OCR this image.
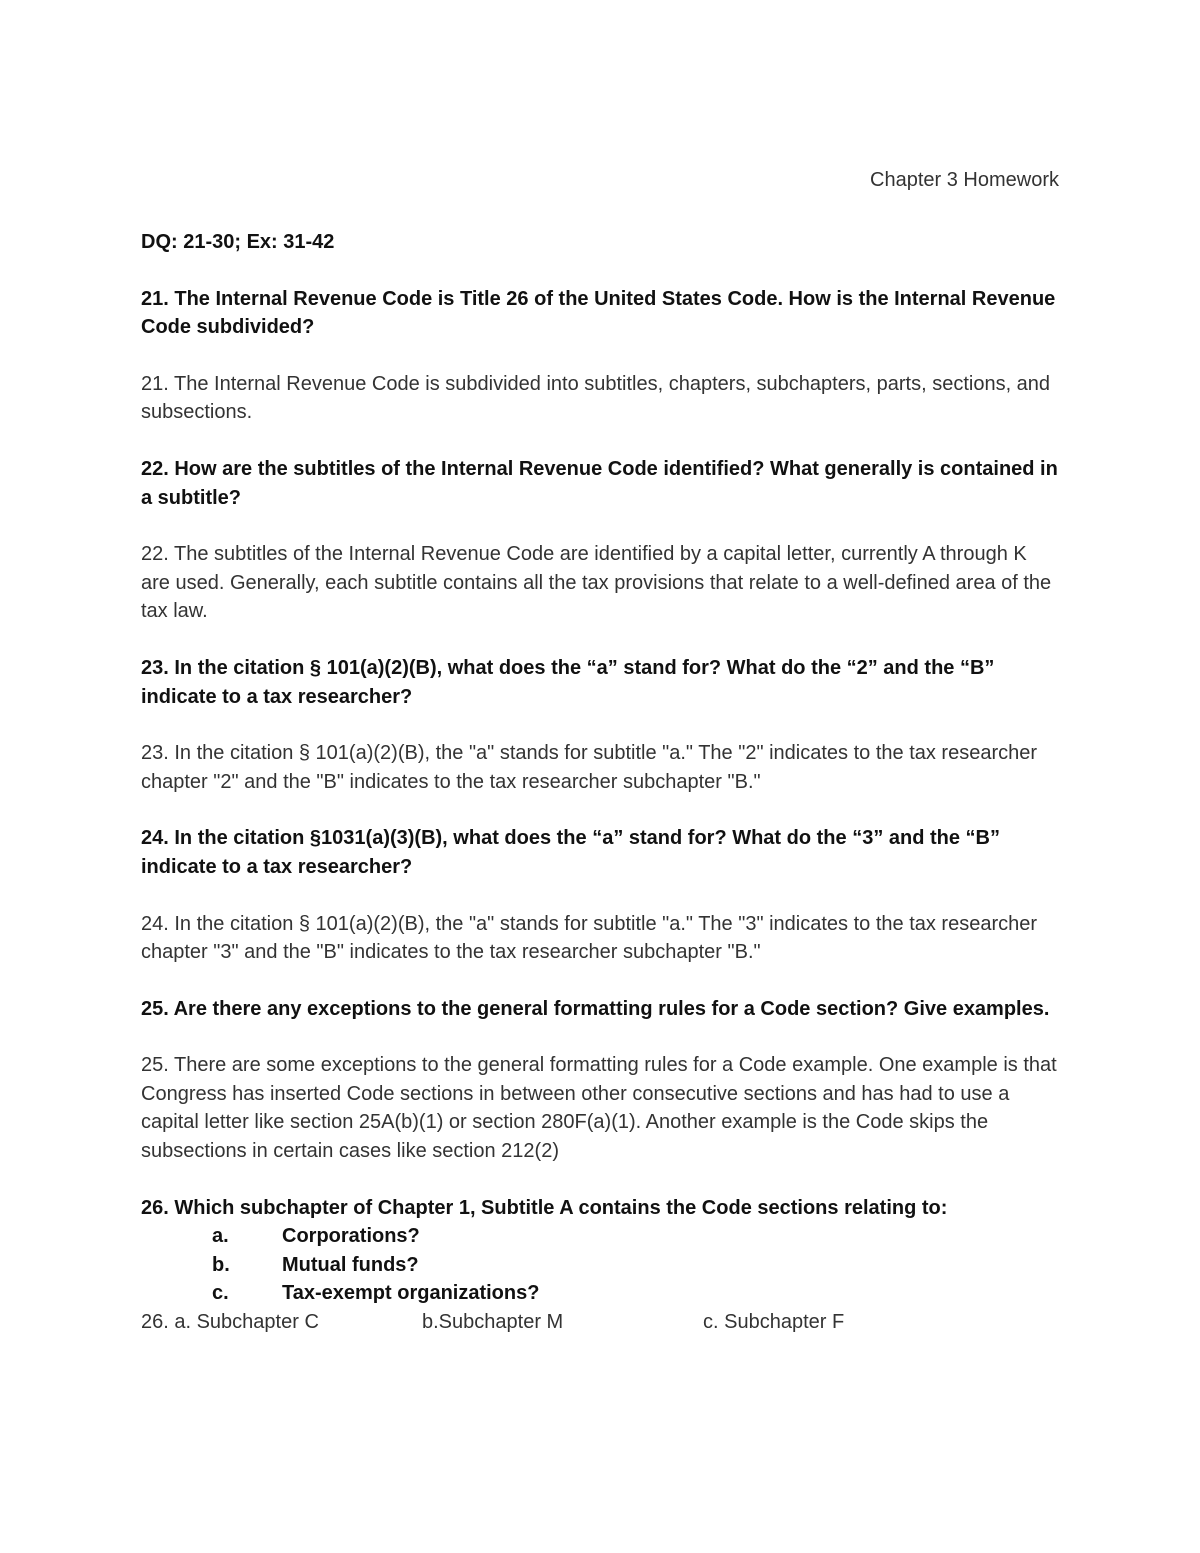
Chapter 3 Homework

DQ: 21-30; Ex: 31-42

21. The Internal Revenue Code is Title 26 of the United States Code. How is the Internal Revenue Code subdivided?

21. The Internal Revenue Code is subdivided into subtitles, chapters, subchapters, parts, sections, and subsections.

22. How are the subtitles of the Internal Revenue Code identified? What generally is contained in a subtitle?

22. The subtitles of the Internal Revenue Code are identified by a capital letter, currently A through K are used. Generally, each subtitle contains all the tax provisions that relate to a well-defined area of the tax law.

23. In the citation § 101(a)(2)(B), what does the “a” stand for? What do the “2” and the “B” indicate to a tax researcher?

23. In the citation § 101(a)(2)(B), the "a" stands for subtitle "a." The "2" indicates to the tax researcher chapter "2" and the "B" indicates to the tax researcher subchapter "B."

24. In the citation §1031(a)(3)(B), what does the “a” stand for? What do the “3” and the “B” indicate to a tax researcher?

24. In the citation § 101(a)(2)(B), the "a" stands for subtitle "a." The "3" indicates to the tax researcher chapter "3" and the "B" indicates to the tax researcher subchapter "B."

25. Are there any exceptions to the general formatting rules for a Code section? Give examples.

25. There are some exceptions to the general formatting rules for a Code example. One example is that Congress has inserted Code sections in between other consecutive sections and has had to use a capital letter like section 25A(b)(1) or section 280F(a)(1). Another example is the Code skips the subsections in certain cases like section 212(2)

26. Which subchapter of Chapter 1, Subtitle A contains the Code sections relating to:

a.	Corporations?
b.	Mutual funds?
c.	Tax-exempt organizations?
26. a. Subchapter C	b.Subchapter M	c. Subchapter F
